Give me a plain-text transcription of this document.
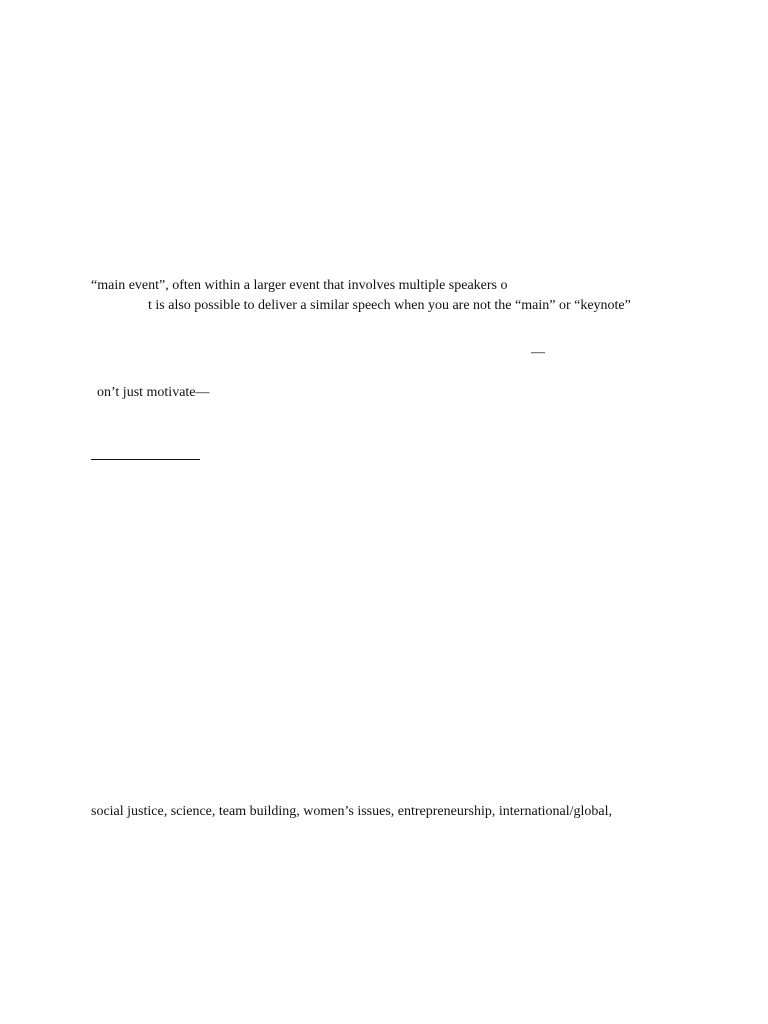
“main event”, often within a larger event that involves multiple speakers o
t is also possible to deliver a similar speech when you are not the “main” or “keynote”
—
on’t just motivate—
social justice, science, team building, women’s issues, entrepreneurship, international/global,
